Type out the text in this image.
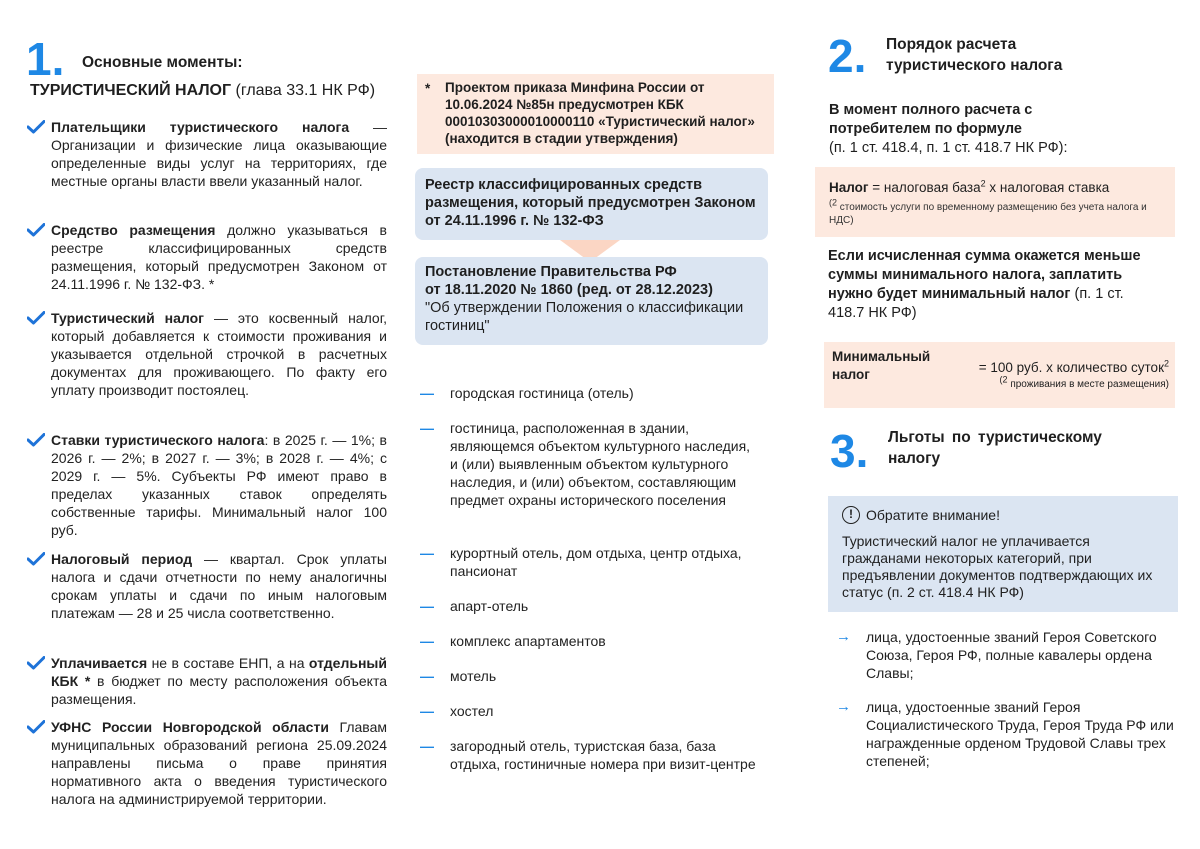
1. Основные моменты:
ТУРИСТИЧЕСКИЙ НАЛОГ (глава 33.1 НК РФ)
Плательщики туристического налога — Организации и физические лица оказывающие определенные виды услуг на территориях, где местные органы власти ввели указанный налог.
Средство размещения должно указываться в реестре классифицированных средств размещения, который предусмотрен Законом от 24.11.1996 г. № 132-ФЗ. *
Туристический налог — это косвенный налог, который добавляется к стоимости проживания и указывается отдельной строчкой в расчетных документах для проживающего. По факту его уплату производит постоялец.
Ставки туристического налога: в 2025 г. — 1%; в 2026 г. — 2%; в 2027 г. — 3%; в 2028 г. — 4%; с 2029 г. — 5%. Субъекты РФ имеют право в пределах указанных ставок определять собственные тарифы. Минимальный налог 100 руб.
Налоговый период — квартал. Срок уплаты налога и сдачи отчетности по нему аналогичны срокам уплаты и сдачи по иным налоговым платежам — 28 и 25 числа соответственно.
Уплачивается не в составе ЕНП, а на отдельный КБК * в бюджет по месту расположения объекта размещения.
УФНС России Новгородской области Главам муниципальных образований региона 25.09.2024 направлены письма о праве принятия нормативного акта о введения туристического налога на администрируемой территории.
* Проектом приказа Минфина России от 10.06.2024 №85н предусмотрен КБК 00010303000010000110 «Туристический налог» (находится в стадии утверждения)
Реестр классифицированных средств размещения, который предусмотрен Законом от 24.11.1996 г. № 132-ФЗ
Постановление Правительства РФ
от 18.11.2020 № 1860 (ред. от 28.12.2023)
"Об утверждении Положения о классификации гостиниц"
— городская гостиница (отель)
— гостиница, расположенная в здании, являющемся объектом культурного наследия, и (или) выявленным объектом культурного наследия, и (или) объектом, составляющим предмет охраны исторического поселения
— курортный отель, дом отдыха, центр отдыха, пансионат
— апарт-отель
— комплекс апартаментов
— мотель
— хостел
— загородный отель, туристская база, база отдыха, гостиничные номера при визит-центре
2. Порядок расчета туристического налога
В момент полного расчета с потребителем по формуле
(п. 1 ст. 418.4, п. 1 ст. 418.7 НК РФ):
Налог = налоговая база$^2$ х налоговая ставка
$^{(2}$ стоимость услуги по временному размещению без учета налога и НДС)
Если исчисленная сумма окажется меньше суммы минимального налога, заплатить нужно будет минимальный налог (п. 1 ст. 418.7 НК РФ)
Минимальный налог	= 100 руб. х количество суток$^2$
$^{(2}$ проживания в месте размещения)
3. Льготы по туристическому налогу
! Обратите внимание!
Туристический налог не уплачивается гражданами некоторых категорий, при предъявлении документов подтверждающих их статус (п. 2 ст. 418.4 НК РФ)
→ лица, удостоенные званий Героя Советского Союза, Героя РФ, полные кавалеры ордена Славы;
→ лица, удостоенные званий Героя Социалистического Труда, Героя Труда РФ или награжденные орденом Трудовой Славы трех степеней;
